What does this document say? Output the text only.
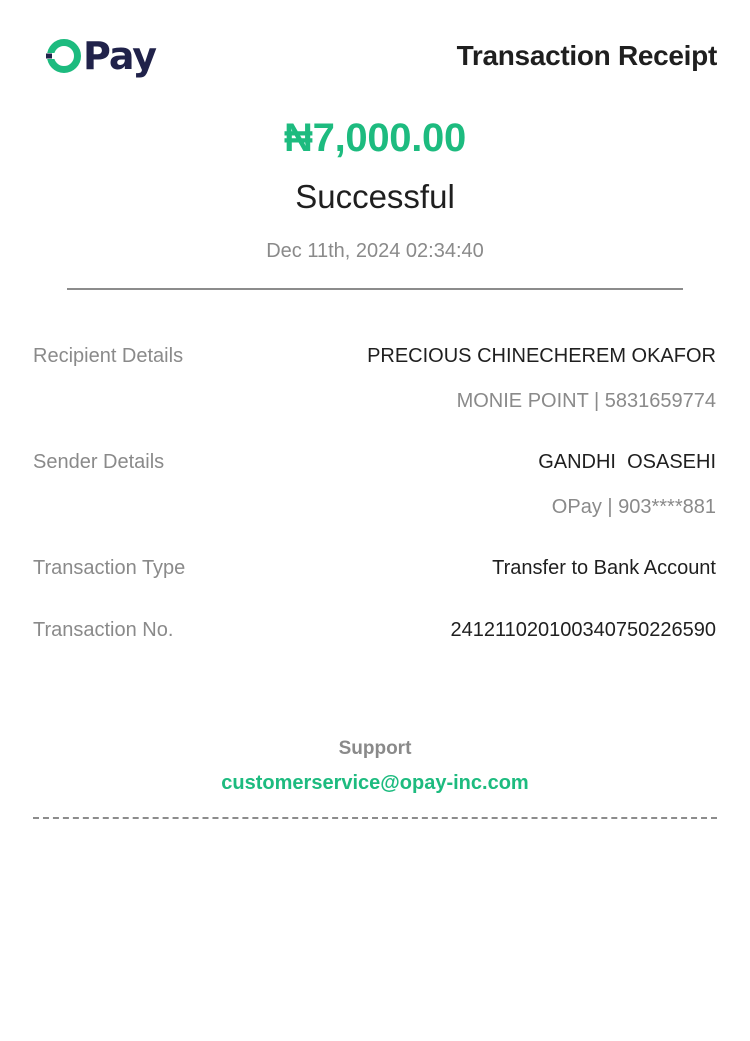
Pay	Transaction Receipt
₦7,000.00
Successful
Dec 11th, 2024 02:34:40
Recipient Details	PRECIOUS CHINECHEREM OKAFOR
MONIE POINT | 5831659774
Sender Details	GANDHI  OSASEHI
OPay | 903****881
Transaction Type	Transfer to Bank Account
Transaction No.	241211020100340750226590
Support
customerservice@opay-inc.com
